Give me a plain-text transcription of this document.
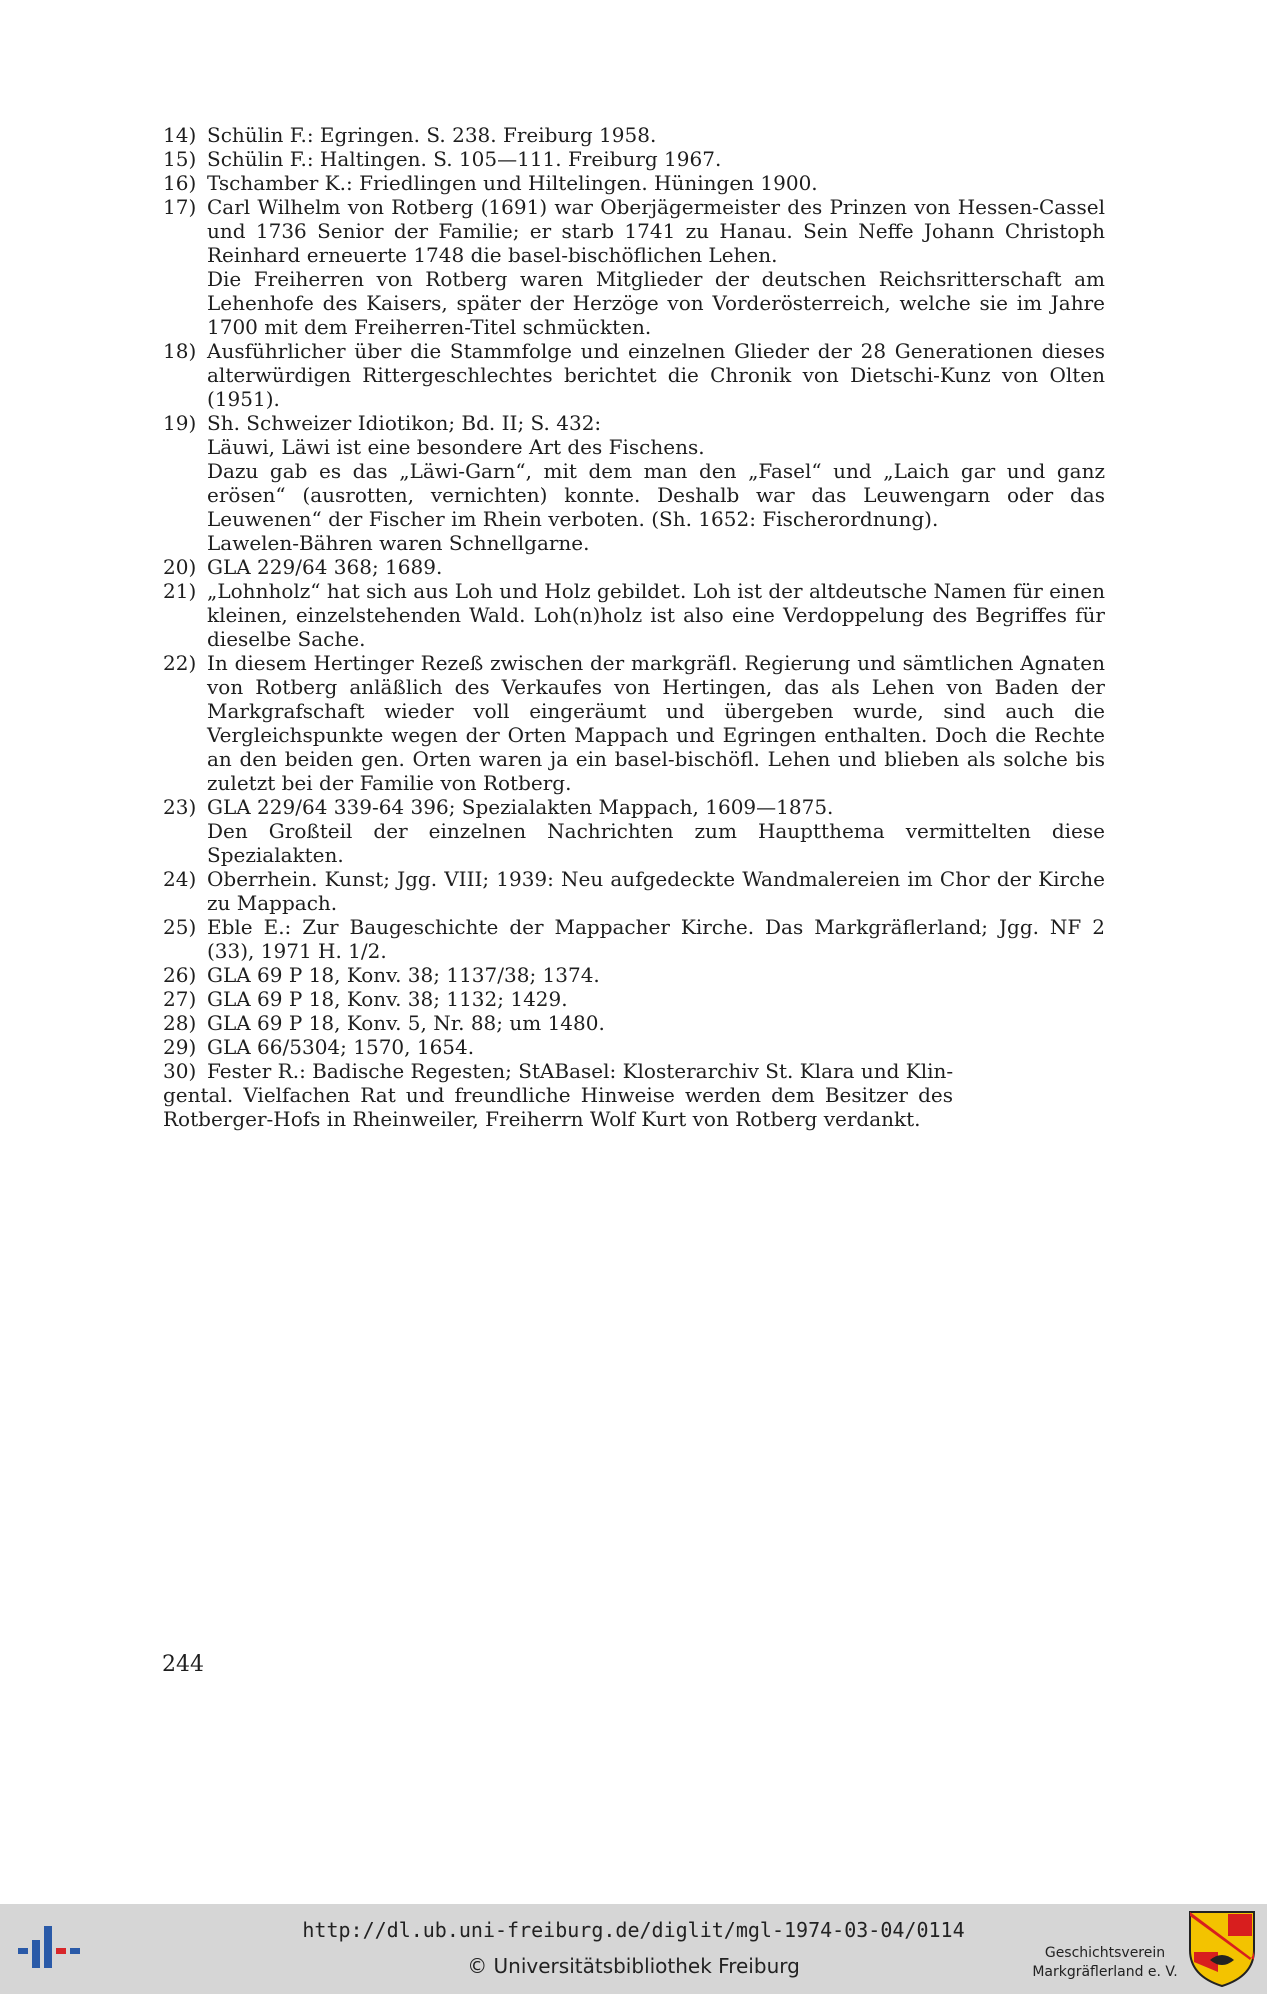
14) Schülin F.: Egringen. S. 238. Freiburg 1958.

15) Schülin F.: Haltingen. S. 105—111. Freiburg 1967.

16) Tschamber K.: Friedlingen und Hiltelingen. Hüningen 1900.

17) Carl Wilhelm von Rotberg (1691) war Oberjägermeister des Prinzen von Hessen-Cassel und 1736 Senior der Familie; er starb 1741 zu Hanau. Sein Neffe Johann Christoph Reinhard erneuerte 1748 die basel-bischöflichen Lehen.

Die Freiherren von Rotberg waren Mitglieder der deutschen Reichsritterschaft am Lehenhofe des Kaisers, später der Herzöge von Vorderösterreich, welche sie im Jahre 1700 mit dem Freiherren-Titel schmückten.

18) Ausführlicher über die Stammfolge und einzelnen Glieder der 28 Generationen dieses alterwürdigen Rittergeschlechtes berichtet die Chronik von Dietschi-Kunz von Olten (1951).

19) Sh. Schweizer Idiotikon; Bd. II; S. 432:

Läuwi, Läwi ist eine besondere Art des Fischens.

Dazu gab es das „Läwi-Garn“, mit dem man den „Fasel“ und „Laich gar und ganz erösen“ (ausrotten, vernichten) konnte. Deshalb war das Leuwengarn oder das Leuwenen“ der Fischer im Rhein verboten. (Sh. 1652: Fischerordnung).

Lawelen-Bähren waren Schnellgarne.

20) GLA 229/64 368; 1689.

21) „Lohnholz“ hat sich aus Loh und Holz gebildet. Loh ist der altdeutsche Namen für einen kleinen, einzelstehenden Wald. Loh(n)holz ist also eine Verdoppelung des Begriffes für dieselbe Sache.

22) In diesem Hertinger Rezeß zwischen der markgräfl. Regierung und sämtlichen Agnaten von Rotberg anläßlich des Verkaufes von Hertingen, das als Lehen von Baden der Markgrafschaft wieder voll eingeräumt und übergeben wurde, sind auch die Vergleichspunkte wegen der Orten Mappach und Egringen enthalten. Doch die Rechte an den beiden gen. Orten waren ja ein basel-bischöfl. Lehen und blieben als solche bis zuletzt bei der Familie von Rotberg.

23) GLA 229/64 339-64 396; Spezialakten Mappach, 1609—1875.

Den Großteil der einzelnen Nachrichten zum Hauptthema vermittelten diese Spezialakten.

24) Oberrhein. Kunst; Jgg. VIII; 1939: Neu aufgedeckte Wandmalereien im Chor der Kirche zu Mappach.

25) Eble E.: Zur Baugeschichte der Mappacher Kirche. Das Markgräflerland; Jgg. NF 2 (33), 1971 H. 1/2.

26) GLA 69 P 18, Konv. 38; 1137/38; 1374.

27) GLA 69 P 18, Konv. 38; 1132; 1429.

28) GLA 69 P 18, Konv. 5, Nr. 88; um 1480.

29) GLA 66/5304; 1570, 1654.

30) Fester R.: Badische Regesten; StABasel: Klosterarchiv St. Klara und Klin-

gental. Vielfachen Rat und freundliche Hinweise werden dem Besitzer des Rotberger-Hofs in Rheinweiler, Freiherrn Wolf Kurt von Rotberg verdankt.

244
http://dl.ub.uni-freiburg.de/diglit/mgl-1974-03-04/0114
© Universitätsbibliothek Freiburg
Geschichtsverein
Markgräflerland e. V.
